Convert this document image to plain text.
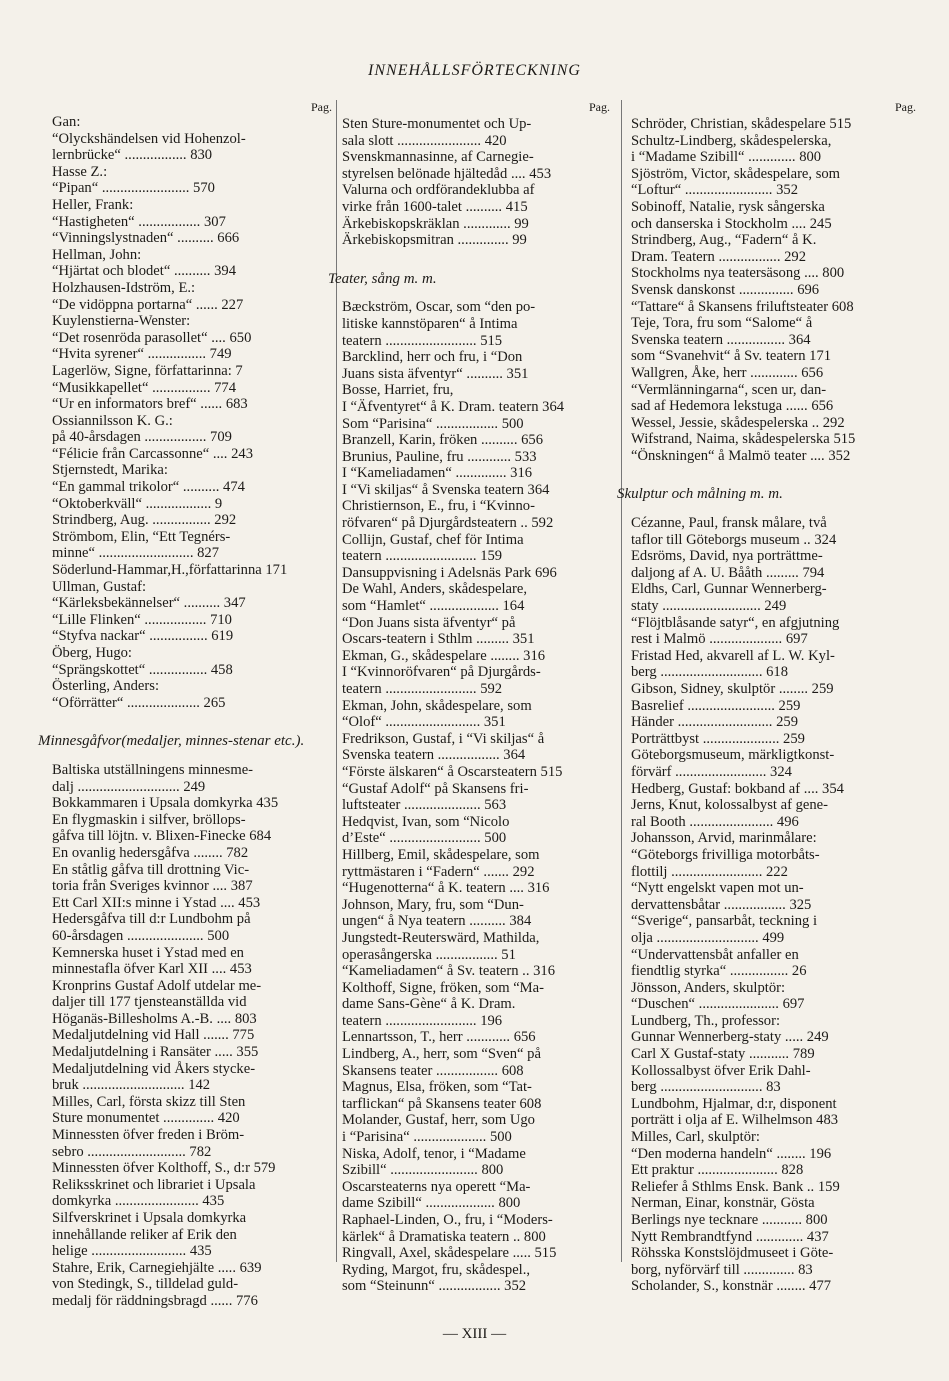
INNEHÅLLSFÖRTECKNING
Pag.
Gan:
“Olyckshändelsen vid Hohenzol-
lernbrücke“ ................. 830
Hasse Z.:
“Pipan“ ........................ 570
Heller, Frank:
“Hastigheten“ ................. 307
“Vinningslystnaden“ .......... 666
Hellman, John:
“Hjärtat och blodet“ .......... 394
Holzhausen-Idström, E.:
“De vidöppna portarna“ ...... 227
Kuylenstierna-Wenster:
“Det rosenröda parasollet“ .... 650
“Hvita syrener“ ................ 749
Lagerlöw, Signe, författarinna: 7
“Musikkapellet“ ................ 774
“Ur en informators bref“ ...... 683
Ossiannilsson K. G.:
på 40-årsdagen ................. 709
“Félicie från Carcassonne“ .... 243
Stjernstedt, Marika:
“En gammal trikolor“ .......... 474
“Oktoberkväll“ .................. 9
Strindberg, Aug. ................ 292
Strömbom, Elin, “Ett Tegnérs-
minne“ .......................... 827
Söderlund-Hammar,H.,författarinna 171
Ullman, Gustaf:
“Kärleksbekännelser“ .......... 347
“Lille Flinken“ ................. 710
“Styfva nackar“ ................ 619
Öberg, Hugo:
“Sprängskottet“ ................ 458
Österling, Anders:
“Oförrätter“ .................... 265
Minnesgåfvor(medaljer, minnes-stenar etc.).
Baltiska utställningens minnesme-
dalj ............................ 249
Bokkammaren i Upsala domkyrka 435
En flygmaskin i silfver, bröllops-
gåfva till löjtn. v. Blixen-Finecke 684
En ovanlig hedersgåfva ........ 782
En ståtlig gåfva till drottning Vic-
toria från Sveriges kvinnor .... 387
Ett Carl XII:s minne i Ystad .... 453
Hedersgåfva till d:r Lundbohm på
60-årsdagen ..................... 500
Kemnerska huset i Ystad med en
minnestafla öfver Karl XII .... 453
Kronprins Gustaf Adolf utdelar me-
daljer till 177 tjensteanställda vid
Höganäs-Billesholms A.-B. .... 803
Medaljutdelning vid Hall ....... 775
Medaljutdelning i Ransäter ..... 355
Medaljutdelning vid Åkers stycke-
bruk ............................ 142
Milles, Carl, första skizz till Sten
Sture monumentet .............. 420
Minnessten öfver freden i Bröm-
sebro ........................... 782
Minnessten öfver Kolthoff, S., d:r 579
Reliksskrinet och librariet i Upsala
domkyrka ....................... 435
Silfverskrinet i Upsala domkyrka
innehållande reliker af Erik den
helige .......................... 435
Stahre, Erik, Carnegiehjälte ..... 639
von Stedingk, S., tilldelad guld-
medalj för räddningsbragd ...... 776
Pag.
Sten Sture-monumentet och Up-
sala slott ....................... 420
Svenskmannasinne, af Carnegie-
styrelsen belönade hjältedåd .... 453
Valurna och ordförandeklubba af
virke från 1600-talet .......... 415
Ärkebiskopskräklan ............. 99
Ärkebiskopsmitran .............. 99
Teater, sång m. m.
Bæckström, Oscar, som “den po-
litiske kannstöparen“ å Intima
teatern ......................... 515
Barcklind, herr och fru, i “Don
Juans sista äfventyr“ .......... 351
Bosse, Harriet, fru,
I “Äfventyret“ å K. Dram. teatern 364
Som “Parisina“ ................. 500
Branzell, Karin, fröken .......... 656
Brunius, Pauline, fru ............ 533
I “Kameliadamen“ .............. 316
I “Vi skiljas“ å Svenska teatern 364
Christiernson, E., fru, i “Kvinno-
röfvaren“ på Djurgårdsteatern .. 592
Collijn, Gustaf, chef för Intima
teatern ......................... 159
Dansuppvisning i Adelsnäs Park 696
De Wahl, Anders, skådespelare,
som “Hamlet“ ................... 164
“Don Juans sista äfventyr“ på
Oscars-teatern i Sthlm ......... 351
Ekman, G., skådespelare ........ 316
I “Kvinnoröfvaren“ på Djurgårds-
teatern ......................... 592
Ekman, John, skådespelare, som
“Olof“ .......................... 351
Fredrikson, Gustaf, i “Vi skiljas“ å
Svenska teatern ................. 364
“Förste älskaren“ å Oscarsteatern 515
“Gustaf Adolf“ på Skansens fri-
luftsteater ..................... 563
Hedqvist, Ivan, som “Nicolo
d’Este“ ......................... 500
Hillberg, Emil, skådespelare, som
ryttmästaren i “Fadern“ ....... 292
“Hugenotterna“ å K. teatern .... 316
Johnson, Mary, fru, som “Dun-
ungen“ å Nya teatern .......... 384
Jungstedt-Reuterswärd, Mathilda,
operasångerska ................. 51
“Kameliadamen“ å Sv. teatern .. 316
Kolthoff, Signe, fröken, som “Ma-
dame Sans-Gène“ å K. Dram.
teatern ......................... 196
Lennartsson, T., herr ............ 656
Lindberg, A., herr, som “Sven“ på
Skansens teater ................. 608
Magnus, Elsa, fröken, som “Tat-
tarflickan“ på Skansens teater 608
Molander, Gustaf, herr, som Ugo
i “Parisina“ .................... 500
Niska, Adolf, tenor, i “Madame
Szibill“ ........................ 800
Oscarsteaterns nya operett “Ma-
dame Szibill“ ................... 800
Raphael-Linden, O., fru, i “Moders-
kärlek“ å Dramatiska teatern .. 800
Ringvall, Axel, skådespelare ..... 515
Ryding, Margot, fru, skådespel.,
som “Steinunn“ ................. 352
Pag.
Schröder, Christian, skådespelare 515
Schultz-Lindberg, skådespelerska,
i “Madame Szibill“ ............. 800
Sjöström, Victor, skådespelare, som
“Loftur“ ........................ 352
Sobinoff, Natalie, rysk sångerska
och danserska i Stockholm .... 245
Strindberg, Aug., “Fadern“ å K.
Dram. Teatern ................. 292
Stockholms nya teatersäsong .... 800
Svensk danskonst ............... 696
“Tattare“ å Skansens friluftsteater 608
Teje, Tora, fru som “Salome“ å
Svenska teatern ................ 364
som “Svanehvit“ å Sv. teatern 171
Wallgren, Åke, herr ............. 656
“Vermlänningarna“, scen ur, dan-
sad af Hedemora lekstuga ...... 656
Wessel, Jessie, skådespelerska .. 292
Wifstrand, Naima, skådespelerska 515
“Önskningen“ å Malmö teater .... 352
Skulptur och målning m. m.
Cézanne, Paul, fransk målare, två
taflor till Göteborgs museum .. 324
Edsröms, David, nya porträttme-
daljong af A. U. Bååth ......... 794
Eldhs, Carl, Gunnar Wennerberg-
staty ........................... 249
“Flöjtblåsande satyr“, en afgjutning
rest i Malmö .................... 697
Fristad Hed, akvarell af L. W. Kyl-
berg ............................ 618
Gibson, Sidney, skulptör ........ 259
Basrelief ........................ 259
Händer .......................... 259
Porträttbyst ..................... 259
Göteborgsmuseum, märkligtkonst-
förvärf ......................... 324
Hedberg, Gustaf: bokband af .... 354
Jerns, Knut, kolossalbyst af gene-
ral Booth ....................... 496
Johansson, Arvid, marinmålare:
“Göteborgs frivilliga motorbåts-
flottilj ......................... 222
“Nytt engelskt vapen mot un-
dervattensbåtar ................. 325
“Sverige“, pansarbåt, teckning i
olja ............................ 499
“Undervattensbåt anfaller en
fiendtlig styrka“ ................ 26
Jönsson, Anders, skulptör:
“Duschen“ ...................... 697
Lundberg, Th., professor:
Gunnar Wennerberg-staty ..... 249
Carl X Gustaf-staty ........... 789
Kollossalbyst öfver Erik Dahl-
berg ............................ 83
Lundbohm, Hjalmar, d:r, disponent
porträtt i olja af E. Wilhelmson 483
Milles, Carl, skulptör:
“Den moderna handeln“ ........ 196
Ett praktur ...................... 828
Reliefer å Sthlms Ensk. Bank .. 159
Nerman, Einar, konstnär, Gösta
Berlings nye tecknare ........... 800
Nytt Rembrandtfynd ............. 437
Röhsska Konstslöjdmuseet i Göte-
borg, nyförvärf till .............. 83
Scholander, S., konstnär ........ 477
— XIII —
